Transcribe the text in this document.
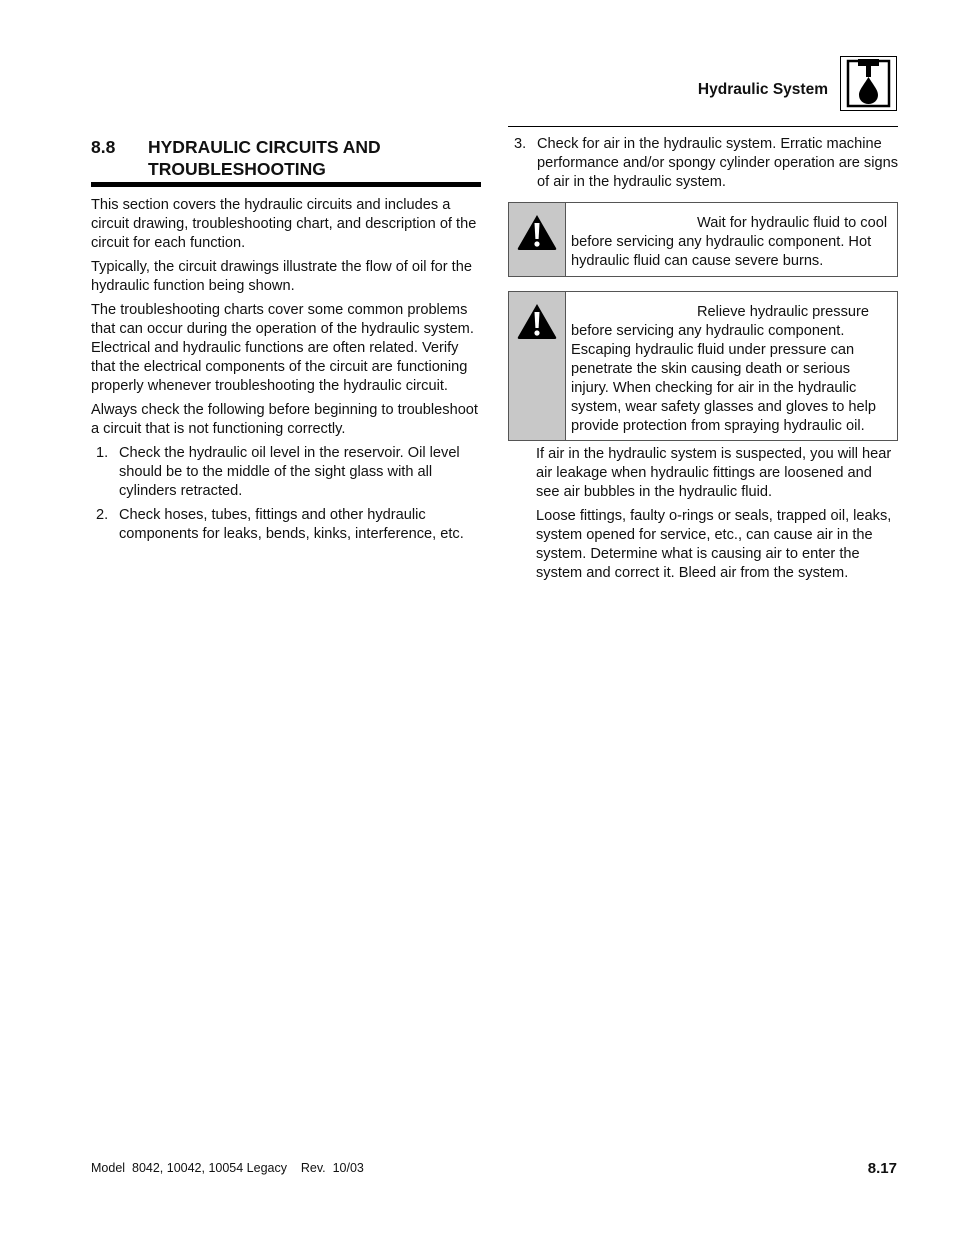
Hydraulic System
8.8 HYDRAULIC CIRCUITS AND TROUBLESHOOTING

This section covers the hydraulic circuits and includes a circuit drawing, troubleshooting chart, and description of the circuit for each function.

Typically, the circuit drawings illustrate the flow of oil for the hydraulic function being shown.

The troubleshooting charts cover some common problems that can occur during the operation of the hydraulic system. Electrical and hydraulic functions are often related. Verify that the electrical components of the circuit are functioning properly whenever troubleshooting the hydraulic circuit.

Always check the following before beginning to troubleshoot a circuit that is not functioning correctly.

1. Check the hydraulic oil level in the reservoir. Oil level should be to the middle of the sight glass with all cylinders retracted.
2. Check hoses, tubes, fittings and other hydraulic components for leaks, bends, kinks, interference, etc.
3. Check for air in the hydraulic system. Erratic machine performance and/or spongy cylinder operation are signs of air in the hydraulic system.
Wait for hydraulic fluid to cool
before servicing any hydraulic component. Hot hydraulic fluid can cause severe burns.
Relieve hydraulic pressure
before servicing any hydraulic component. Escaping hydraulic fluid under pressure can penetrate the skin causing death or serious injury. When checking for air in the hydraulic system, wear safety glasses and gloves to help provide protection from spraying hydraulic oil.

If air in the hydraulic system is suspected, you will hear air leakage when hydraulic fittings are loosened and see air bubbles in the hydraulic fluid.

Loose fittings, faulty o-rings or seals, trapped oil, leaks, system opened for service, etc., can cause air in the system. Determine what is causing air to enter the system and correct it. Bleed air from the system.

Model  8042, 10042, 10054 Legacy    Rev.  10/03	8.17
